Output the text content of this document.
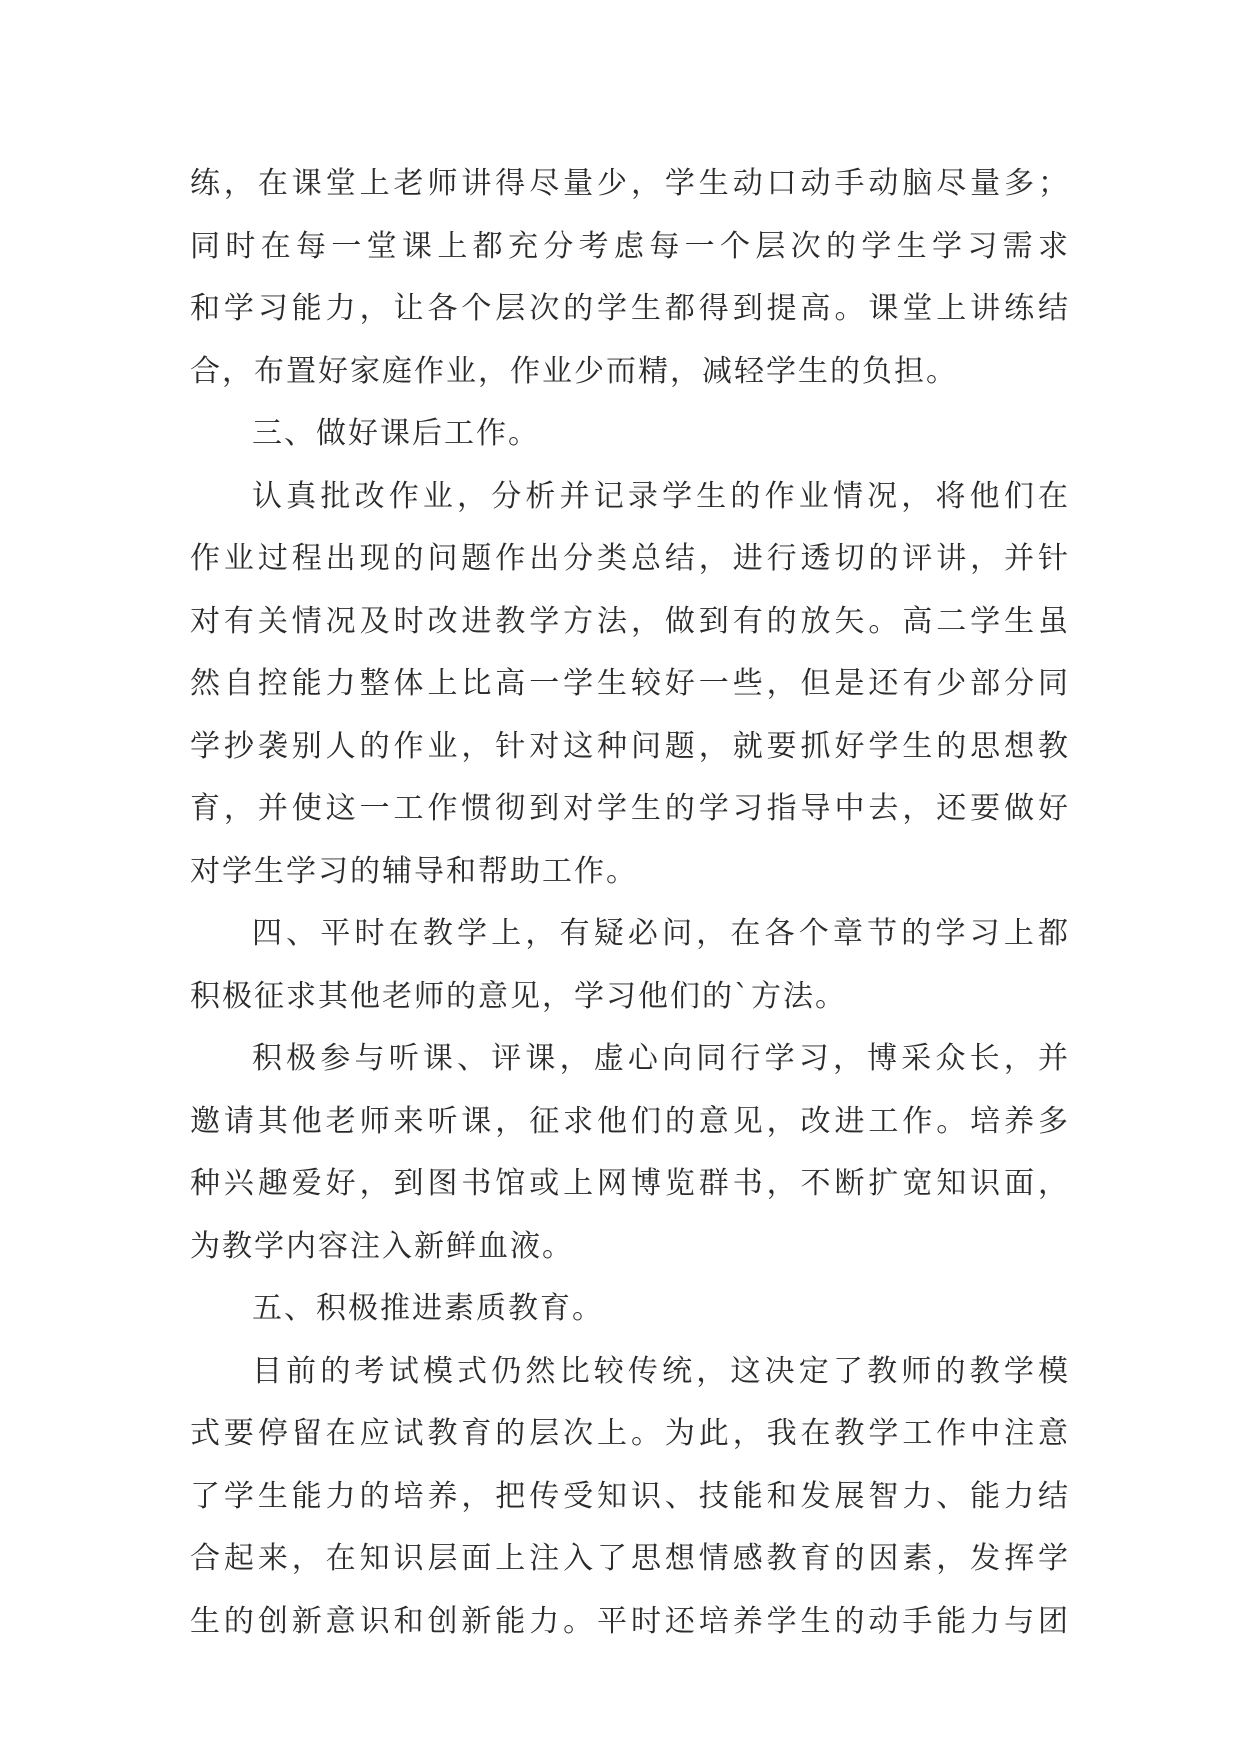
练，在课堂上老师讲得尽量少，学生动口动手动脑尽量多；
同时在每一堂课上都充分考虑每一个层次的学生学习需求
和学习能力，让各个层次的学生都得到提高。课堂上讲练结
合，布置好家庭作业，作业少而精，减轻学生的负担。
三、做好课后工作。
认真批改作业，分析并记录学生的作业情况，将他们在
作业过程出现的问题作出分类总结，进行透切的评讲，并针
对有关情况及时改进教学方法，做到有的放矢。高二学生虽
然自控能力整体上比高一学生较好一些，但是还有少部分同
学抄袭别人的作业，针对这种问题，就要抓好学生的思想教
育，并使这一工作惯彻到对学生的学习指导中去，还要做好
对学生学习的辅导和帮助工作。
四、平时在教学上，有疑必问，在各个章节的学习上都
积极征求其他老师的意见，学习他们的`方法。
积极参与听课、评课，虚心向同行学习，博采众长，并
邀请其他老师来听课，征求他们的意见，改进工作。培养多
种兴趣爱好，到图书馆或上网博览群书，不断扩宽知识面，
为教学内容注入新鲜血液。
五、积极推进素质教育。
目前的考试模式仍然比较传统，这决定了教师的教学模
式要停留在应试教育的层次上。为此，我在教学工作中注意
了学生能力的培养，把传受知识、技能和发展智力、能力结
合起来，在知识层面上注入了思想情感教育的因素，发挥学
生的创新意识和创新能力。平时还培养学生的动手能力与团
